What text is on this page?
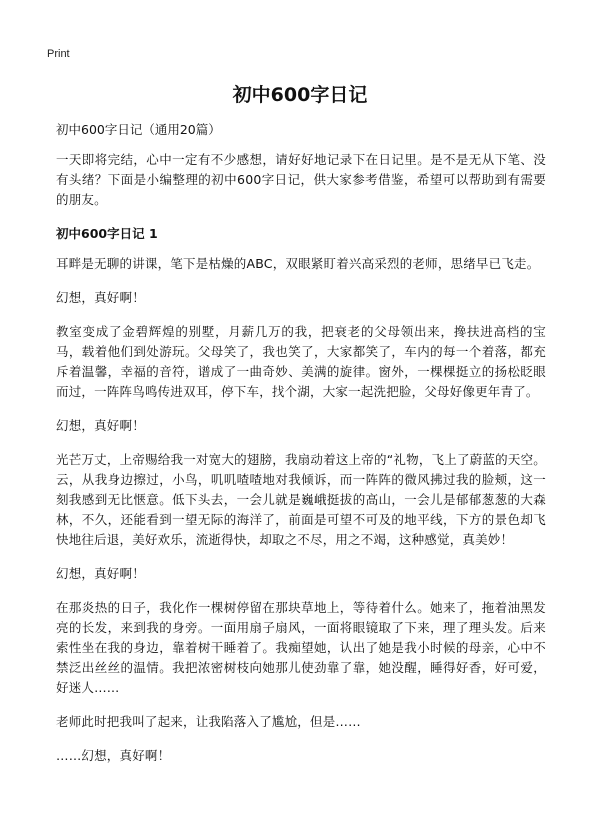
Print
初中600字日记

初中600字日记（通用20篇）

一天即将完结，心中一定有不少感想，请好好地记录下在日记里。是不是无从下笔、没有头绪？下面是小编整理的初中600字日记，供大家参考借鉴，希望可以帮助到有需要的朋友。

初中600字日记 1

耳畔是无聊的讲课，笔下是枯燥的ABC，双眼紧盯着兴高采烈的老师，思绪早已飞走。

幻想，真好啊！

教室变成了金碧辉煌的别墅，月薪几万的我，把衰老的父母领出来，搀扶进高档的宝马，载着他们到处游玩。父母笑了，我也笑了，大家都笑了，车内的每一个着落，都充斥着温馨，幸福的音符，谱成了一曲奇妙、美满的旋律。窗外，一棵棵挺立的扬松眨眼而过，一阵阵鸟鸣传进双耳，停下车，找个湖，大家一起洗把脸，父母好像更年青了。

幻想，真好啊！

光芒万丈，上帝赐给我一对宽大的翅膀，我扇动着这上帝的“礼物，飞上了蔚蓝的天空。云，从我身边擦过，小鸟，叽叽喳喳地对我倾诉，而一阵阵的微风拂过我的脸颊，这一刻我感到无比惬意。低下头去，一会儿就是巍峨挺拔的高山，一会儿是郁郁葱葱的大森林，不久，还能看到一望无际的海洋了，前面是可望不可及的地平线，下方的景色却飞快地往后退，美好欢乐，流逝得快，却取之不尽，用之不竭，这种感觉，真美妙！

幻想，真好啊！

在那炎热的日子，我化作一棵树停留在那块草地上，等待着什么。她来了，拖着油黑发亮的长发，来到我的身旁。一面用扇子扇风，一面将眼镜取了下来，理了理头发。后来索性坐在我的身边，靠着树干睡着了。我痴望她，认出了她是我小时候的母亲，心中不禁泛出丝丝的温情。我把浓密树枝向她那儿使劲靠了靠，她没醒，睡得好香，好可爱，好迷人……

老师此时把我叫了起来，让我陷落入了尴尬，但是……

……幻想，真好啊！
